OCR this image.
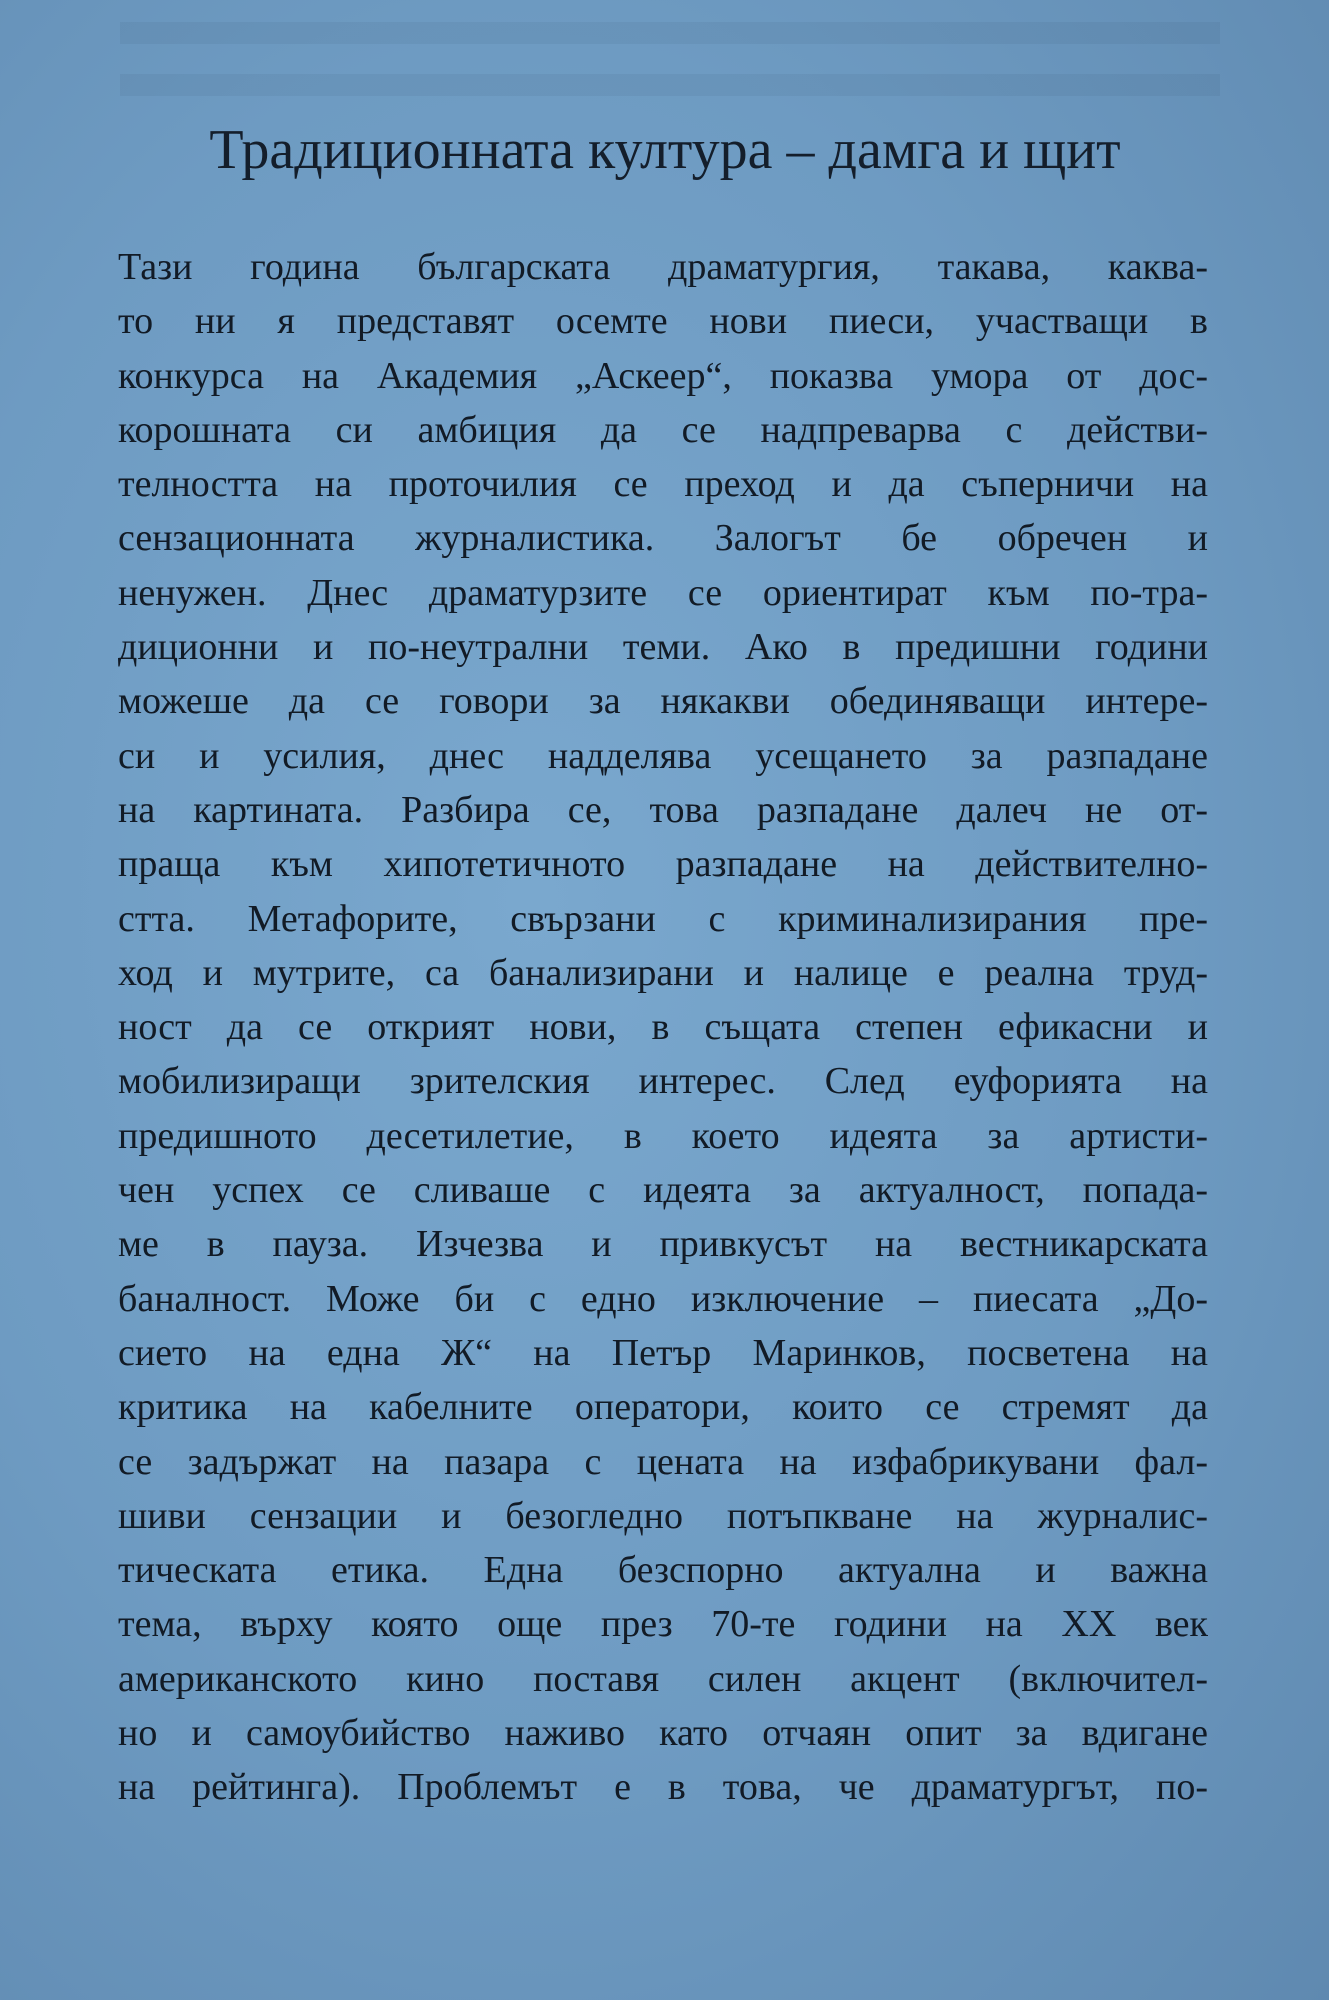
Традиционната култура – дамга и щит
Тази година българската драматургия, такава, каква-
то ни я представят осемте нови пиеси, участващи в
конкурса на Академия „Аскеер“, показва умора от дос-
корошната си амбиция да се надпреварва с действи-
телността на проточилия се преход и да съперничи на
сензационната журналистика. Залогът бе обречен и
ненужен. Днес драматурзите се ориентират към по-тра-
диционни и по-неутрални теми. Ако в предишни години
можеше да се говори за някакви обединяващи интере-
си и усилия, днес надделява усещането за разпадане
на картината. Разбира се, това разпадане далеч не от-
праща към хипотетичното разпадане на действително-
стта. Метафорите, свързани с криминализирания пре-
ход и мутрите, са банализирани и налице е реална труд-
ност да се открият нови, в същата степен ефикасни и
мобилизиращи зрителския интерес. След еуфорията на
предишното десетилетие, в което идеята за артисти-
чен успех се сливаше с идеята за актуалност, попада-
ме в пауза. Изчезва и привкусът на вестникарската
баналност. Може би с едно изключение – пиесата „До-
сието на една Ж“ на Петър Маринков, посветена на
критика на кабелните оператори, които се стремят да
се задържат на пазара с цената на изфабрикувани фал-
шиви сензации и безогледно потъпкване на журналис-
тическата етика. Една безспорно актуална и важна
тема, върху която още през 70-те години на XX век
американското кино поставя силен акцент (включител-
но и самоубийство наживо като отчаян опит за вдигане
на рейтинга). Проблемът е в това, че драматургът, по-
